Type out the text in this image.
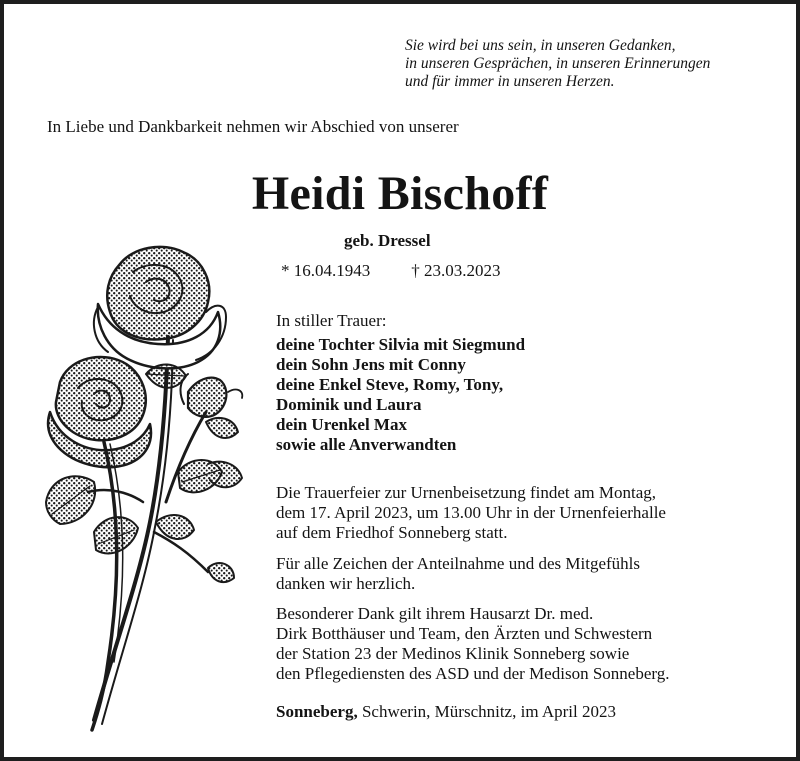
Sie wird bei uns sein, in unseren Gedanken,
in unseren Gesprächen, in unseren Erinnerungen
und für immer in unseren Herzen.
In Liebe und Dankbarkeit nehmen wir Abschied von unserer
Heidi Bischoff
geb. Dressel
* 16.04.1943 † 23.03.2023
In stiller Trauer:
deine Tochter Silvia mit Siegmund
dein Sohn Jens mit Conny
deine Enkel Steve, Romy, Tony,
Dominik und Laura
dein Urenkel Max
sowie alle Anverwandten
Die Trauerfeier zur Urnenbeisetzung findet am Montag,
dem 17. April 2023, um 13.00 Uhr in der Urnenfeierhalle
auf dem Friedhof Sonneberg statt.
Für alle Zeichen der Anteilnahme und des Mitgefühls
danken wir herzlich.
Besonderer Dank gilt ihrem Hausarzt Dr. med.
Dirk Botthäuser und Team, den Ärzten und Schwestern
der Station 23 der Medinos Klinik Sonneberg sowie
den Pflegediensten des ASD und der Medison Sonneberg.
Sonneberg, Schwerin, Mürschnitz, im April 2023
